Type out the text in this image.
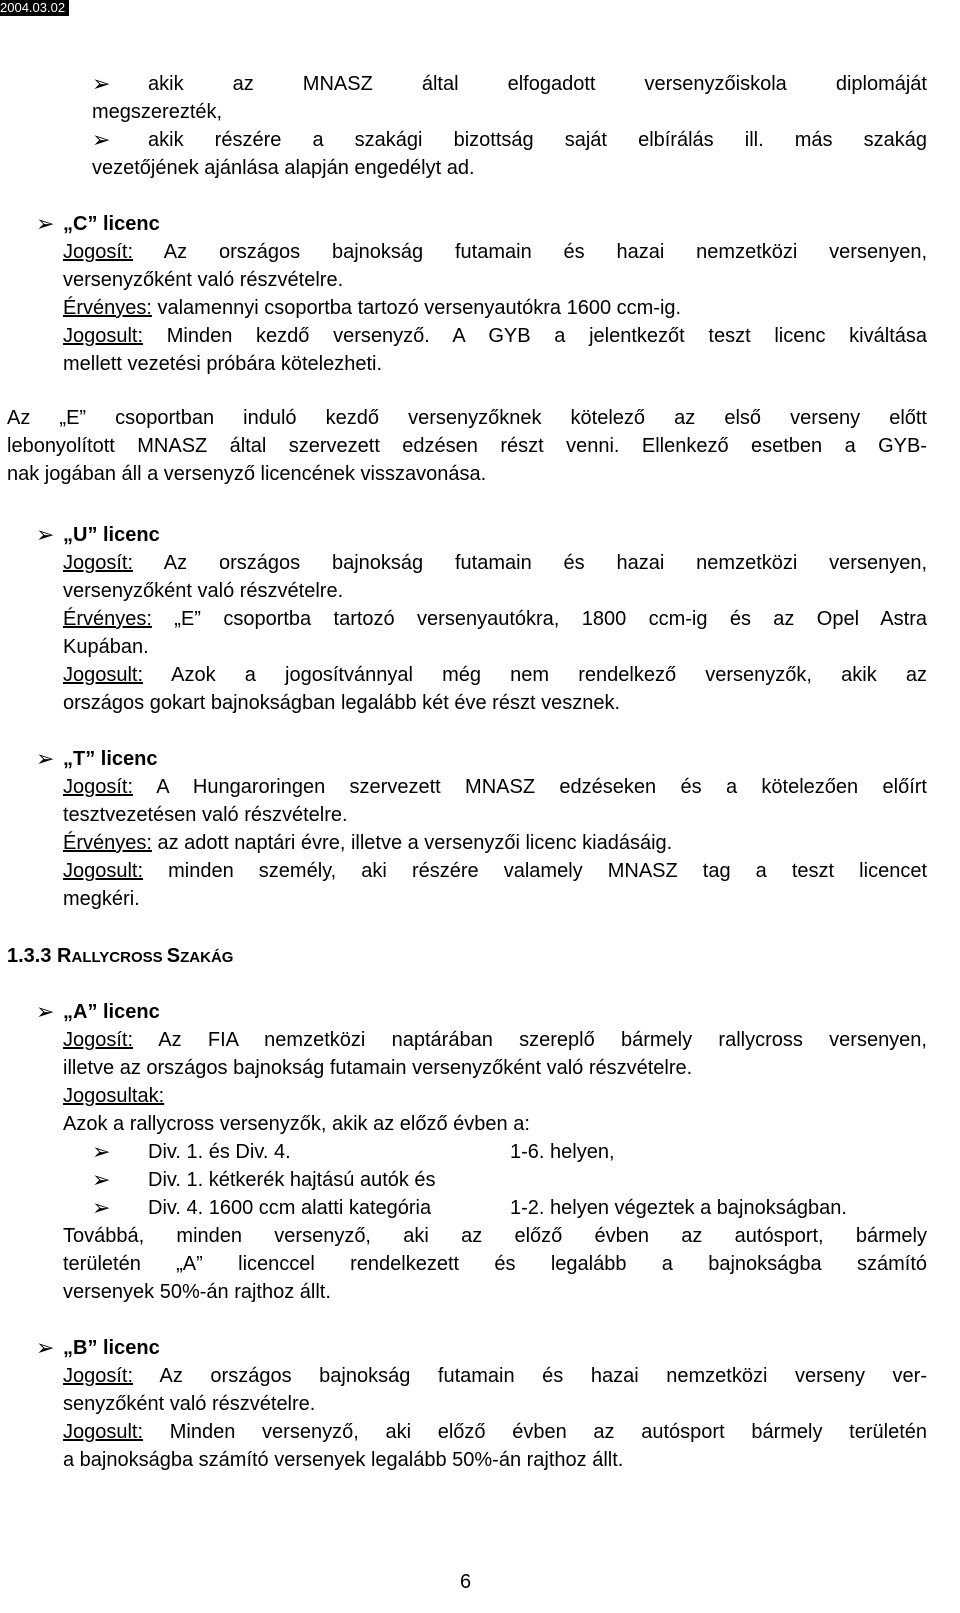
2004.03.02
➢ akik az MNASZ által elfogadott versenyzőiskola diplomáját
megszerezték,
➢ akik részére a szakági bizottság saját elbírálás ill. más szakág
vezetőjének ajánlása alapján engedélyt ad.
➢ „C” licenc
Jogosít: Az országos bajnokság futamain és hazai nemzetközi versenyen,
versenyzőként való részvételre.
Érvényes: valamennyi csoportba tartozó versenyautókra 1600 ccm-ig.
Jogosult: Minden kezdő versenyző. A GYB a jelentkezőt teszt licenc kiváltása
mellett vezetési próbára kötelezheti.
Az „E” csoportban induló kezdő versenyzőknek kötelező az első verseny előtt
lebonyolított MNASZ által szervezett edzésen részt venni. Ellenkező esetben a GYB-
nak jogában áll a versenyző licencének visszavonása.
➢ „U” licenc
Jogosít: Az országos bajnokság futamain és hazai nemzetközi versenyen,
versenyzőként való részvételre.
Érvényes: „E” csoportba tartozó versenyautókra, 1800 ccm-ig és az Opel Astra
Kupában.
Jogosult: Azok a jogosítvánnyal még nem rendelkező versenyzők, akik az
országos gokart bajnokságban legalább két éve részt vesznek.
➢ „T” licenc
Jogosít: A Hungaroringen szervezett MNASZ edzéseken és a kötelezően előírt
tesztvezetésen való részvételre.
Érvényes: az adott naptári évre, illetve a versenyzői licenc kiadásáig.
Jogosult: minden személy, aki részére valamely MNASZ tag a teszt licencet
megkéri.
1.3.3 RALLYCROSS SZAKÁG
➢ „A” licenc
Jogosít: Az FIA nemzetközi naptárában szereplő bármely rallycross versenyen,
illetve az országos bajnokság futamain versenyzőként való részvételre.
Jogosultak:
Azok a rallycross versenyzők, akik az előző évben a:
➢ Div. 1. és Div. 4.	1-6. helyen,
➢ Div. 1. kétkerék hajtású autók és
➢ Div. 4. 1600 ccm alatti kategória	1-2. helyen végeztek a bajnokságban.
Továbbá, minden versenyző, aki az előző évben az autósport, bármely
területén „A” licenccel rendelkezett és legalább a bajnokságba számító
versenyek 50%-án rajthoz állt.
➢ „B” licenc
Jogosít: Az országos bajnokság futamain és hazai nemzetközi verseny ver-
senyzőként való részvételre.
Jogosult: Minden versenyző, aki előző évben az autósport bármely területén
a bajnokságba számító versenyek legalább 50%-án rajthoz állt.
6
